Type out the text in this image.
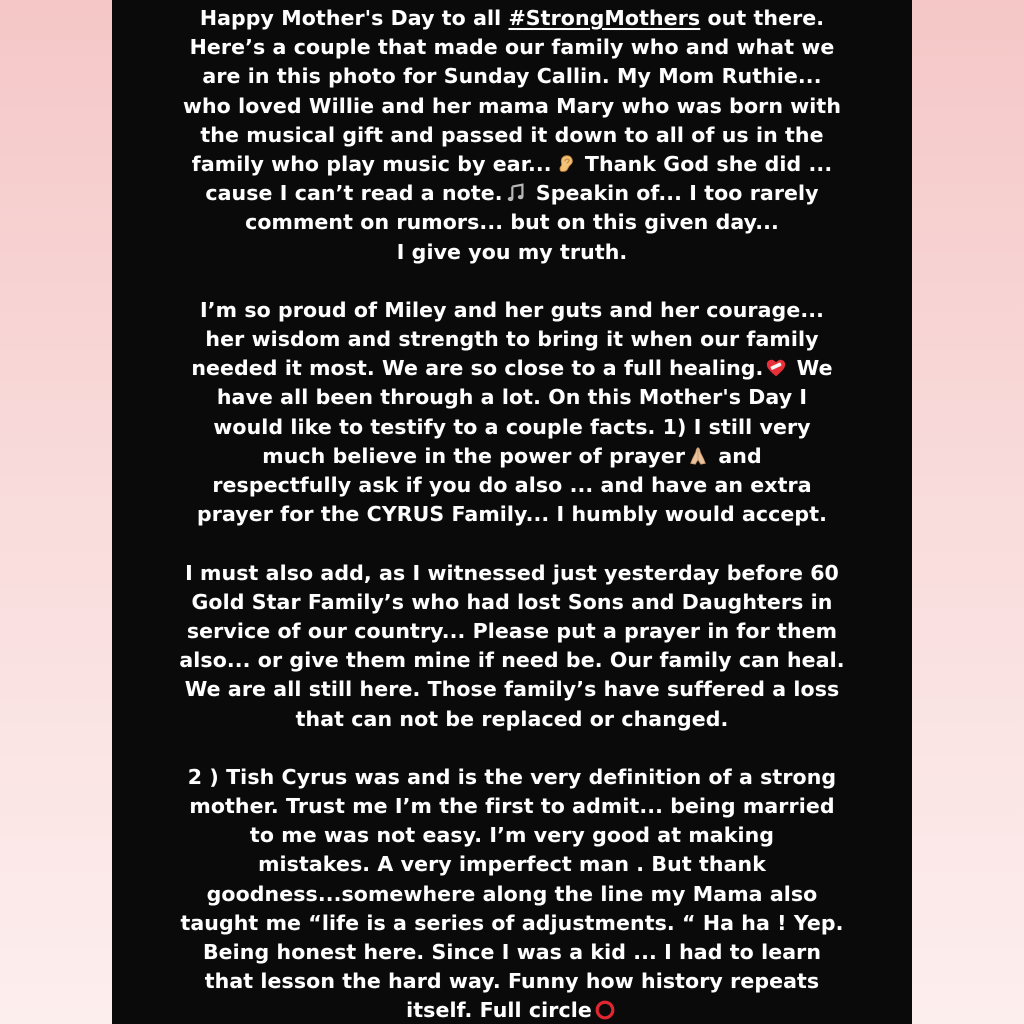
Happy Mother's Day to all #StrongMothers out there.
Here’s a couple that made our family who and what we
are in this photo for Sunday Callin. My Mom Ruthie...
who loved Willie and her mama Mary who was born with
the musical gift and passed it down to all of us in the
family who play music by ear... Thank God she did ...
cause I can’t read a note. Speakin of... I too rarely
comment on rumors... but on this given day...
I give you my truth.
I’m so proud of Miley and her guts and her courage...
her wisdom and strength to bring it when our family
needed it most. We are so close to a full healing. We
have all been through a lot. On this Mother's Day I
would like to testify to a couple facts. 1) I still very
much believe in the power of prayer and
respectfully ask if you do also ... and have an extra
prayer for the CYRUS Family... I humbly would accept.
I must also add, as I witnessed just yesterday before 60
Gold Star Family’s who had lost Sons and Daughters in
service of our country... Please put a prayer in for them
also... or give them mine if need be. Our family can heal.
We are all still here. Those family’s have suffered a loss
that can not be replaced or changed.
2 ) Tish Cyrus was and is the very definition of a strong
mother. Trust me I’m the first to admit... being married
to me was not easy. I’m very good at making
mistakes. A very imperfect man . But thank
goodness...somewhere along the line my Mama also
taught me “life is a series of adjustments. “ Ha ha ! Yep.
Being honest here. Since I was a kid ... I had to learn
that lesson the hard way. Funny how history repeats
itself. Full circle
